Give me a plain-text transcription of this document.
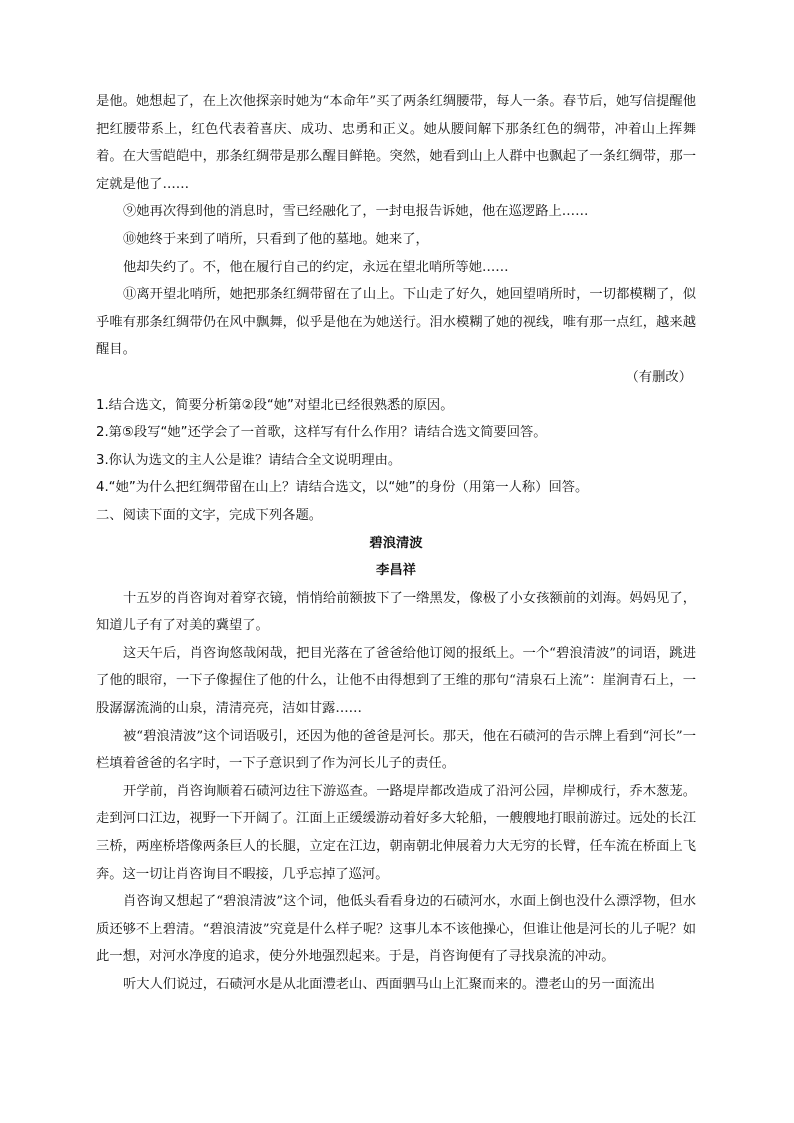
是他。她想起了，在上次他探亲时她为“本命年”买了两条红绸腰带，每人一条。春节后，她写信提醒他把红腰带系上，红色代表着喜庆、成功、忠勇和正义。她从腰间解下那条红色的绸带，冲着山上挥舞着。在大雪皑皑中，那条红绸带是那么醒目鲜艳。突然，她看到山上人群中也飘起了一条红绸带，那一定就是他了……

⑨她再次得到他的消息时，雪已经融化了，一封电报告诉她，他在巡逻路上……

⑩她终于来到了哨所，只看到了他的墓地。她来了，

他却失约了。不，他在履行自己的约定，永远在望北哨所等她……

⑪离开望北哨所，她把那条红绸带留在了山上。下山走了好久，她回望哨所时，一切都模糊了，似乎唯有那条红绸带仍在风中飘舞，似乎是他在为她送行。泪水模糊了她的视线，唯有那一点红，越来越醒目。

（有删改）

1.结合选文，简要分析第②段“她”对望北已经很熟悉的原因。

2.第⑤段写“她”还学会了一首歌，这样写有什么作用？请结合选文简要回答。

3.你认为选文的主人公是谁？请结合全文说明理由。

4.“她”为什么把红绸带留在山上？请结合选文，以“她”的身份（用第一人称）回答。

二、阅读下面的文字，完成下列各题。

碧浪清波

李昌祥

十五岁的肖咨询对着穿衣镜，悄悄给前额披下了一绺黑发，像极了小女孩额前的刘海。妈妈见了，知道儿子有了对美的冀望了。

这天午后，肖咨询悠哉闲哉，把目光落在了爸爸给他订阅的报纸上。一个“碧浪清波”的词语，跳进了他的眼帘，一下子像握住了他的什么，让他不由得想到了王维的那句“清泉石上流”：崖涧青石上，一股潺潺流淌的山泉，清清亮亮，洁如甘露……

被“碧浪清波”这个词语吸引，还因为他的爸爸是河长。那天，他在石碛河的告示牌上看到“河长”一栏填着爸爸的名字时，一下子意识到了作为河长儿子的责任。

开学前，肖咨询顺着石碛河边往下游巡查。一路堤岸都改造成了沿河公园，岸柳成行，乔木葱茏。走到河口江边，视野一下开阔了。江面上正缓缓游动着好多大轮船，一艘艘地打眼前游过。远处的长江三桥，两座桥塔像两条巨人的长腿，立定在江边，朝南朝北伸展着力大无穷的长臂，任车流在桥面上飞奔。这一切让肖咨询目不暇接，几乎忘掉了巡河。

肖咨询又想起了“碧浪清波”这个词，他低头看看身边的石碛河水，水面上倒也没什么漂浮物，但水质还够不上碧清。“碧浪清波”究竟是什么样子呢？这事儿本不该他操心，但谁让他是河长的儿子呢？如此一想，对河水净度的追求，使分外地强烈起来。于是，肖咨询便有了寻找泉流的冲动。

听大人们说过，石碛河水是从北面澧老山、西面驷马山上汇聚而来的。澧老山的另一面流出
